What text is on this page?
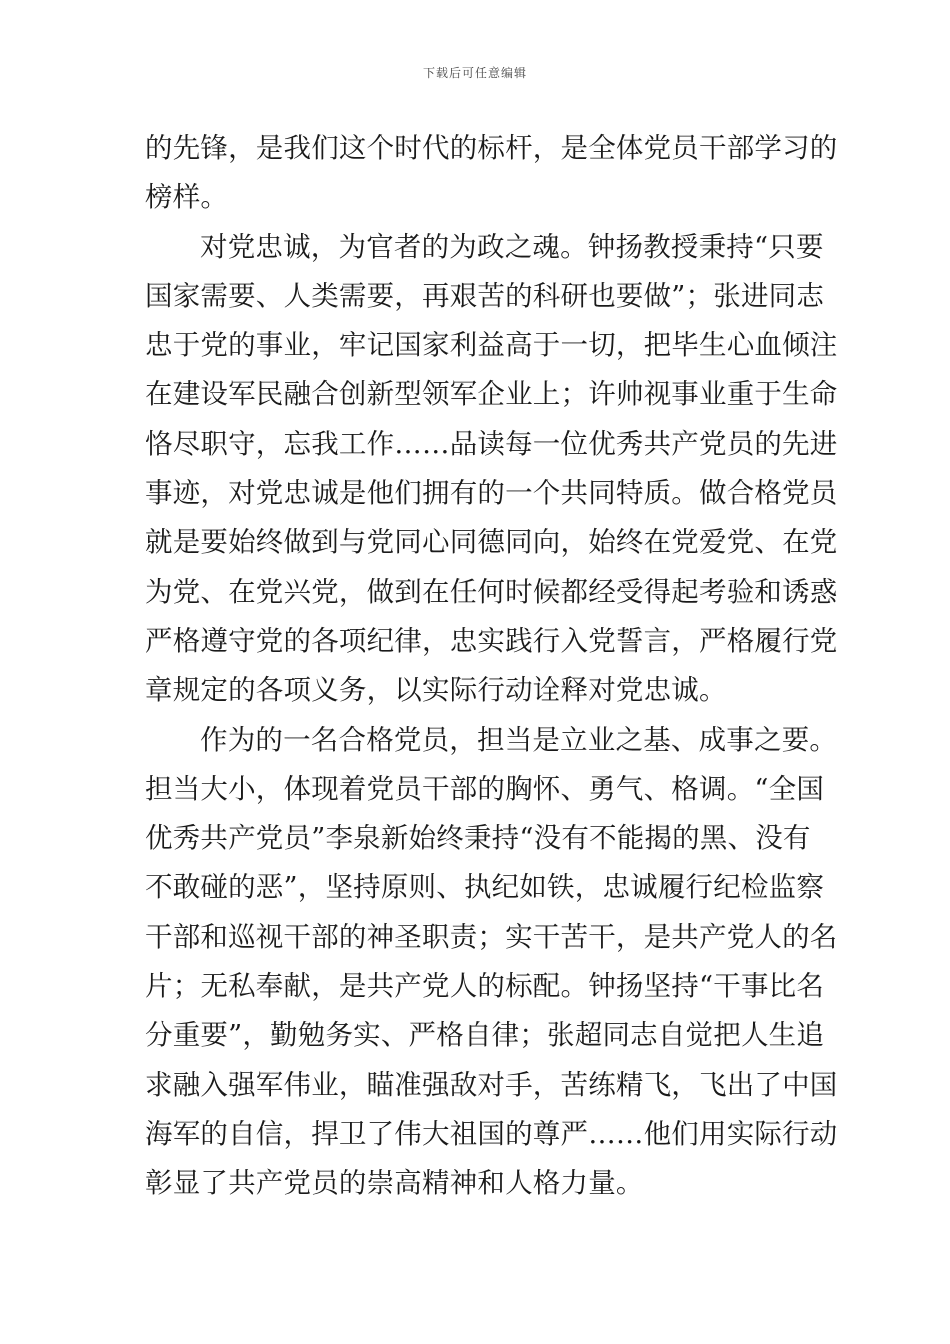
下载后可任意编辑

的先锋，是我们这个时代的标杆，是全体党员干部学习的
榜样。

对党忠诚，为官者的为政之魂。钟扬教授秉持“只要
国家需要、人类需要，再艰苦的科研也要做”；张进同志
忠于党的事业，牢记国家利益高于一切，把毕生心血倾注
在建设军民融合创新型领军企业上；许帅视事业重于生命
恪尽职守，忘我工作……品读每一位优秀共产党员的先进
事迹，对党忠诚是他们拥有的一个共同特质。做合格党员
就是要始终做到与党同心同德同向，始终在党爱党、在党
为党、在党兴党，做到在任何时候都经受得起考验和诱惑
严格遵守党的各项纪律，忠实践行入党誓言，严格履行党
章规定的各项义务，以实际行动诠释对党忠诚。

作为的一名合格党员，担当是立业之基、成事之要。
担当大小，体现着党员干部的胸怀、勇气、格调。“全国
优秀共产党员”李泉新始终秉持“没有不能揭的黑、没有
不敢碰的恶”，坚持原则、执纪如铁，忠诚履行纪检监察
干部和巡视干部的神圣职责；实干苦干，是共产党人的名
片；无私奉献，是共产党人的标配。钟扬坚持“干事比名
分重要”，勤勉务实、严格自律；张超同志自觉把人生追
求融入强军伟业，瞄准强敌对手，苦练精飞，飞出了中国
海军的自信，捍卫了伟大祖国的尊严……他们用实际行动
彰显了共产党员的崇高精神和人格力量。
